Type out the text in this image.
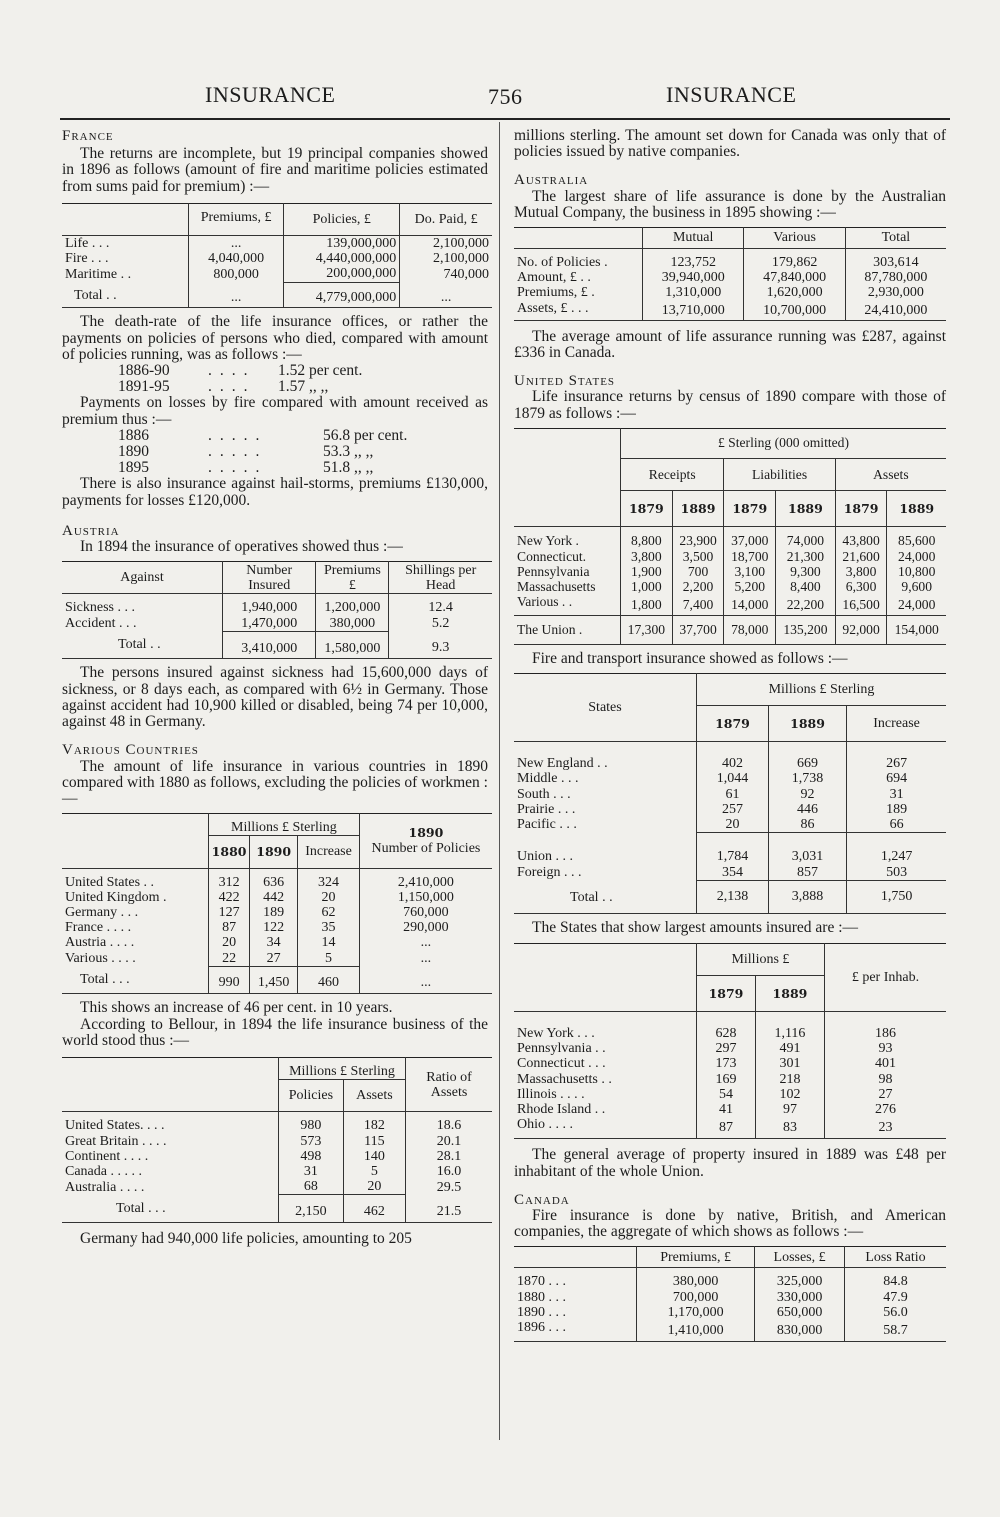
INSURANCE	756	INSURANCE

France

The returns are incomplete, but 19 principal companies showed in 1896 as follows (amount of fire and maritime policies estimated from sums paid for premium) :—

	Premiums, £	Policies, £	Do. Paid, £
Life . . .	...	139,000,000	2,100,000
Fire . . .	4,040,000	4,440,000,000	2,100,000
Maritime . .	800,000	200,000,000	740,000
Total . .	...	4,779,000,000	...

The death-rate of the life insurance offices, or rather the payments on policies of persons who died, compared with amount of policies running, was as follows :—

1886-90	....	1.52 per cent.
1891-95	....	1.57 ,, ,,

Payments on losses by fire compared with amount received as premium thus :—

1886	.....	56.8 per cent.
1890	.....	53.3 ,, ,,
1895	.....	51.8 ,, ,,

There is also insurance against hail-storms, premiums £130,000, payments for losses £120,000.

Austria

In 1894 the insurance of operatives showed thus :—

Against	Number Insured	Premiums £	Shillings per Head
Sickness . . .	1,940,000	1,200,000	12.4
Accident . . .	1,470,000	380,000	5.2
Total . .	3,410,000	1,580,000	9.3

The persons insured against sickness had 15,600,000 days of sickness, or 8 days each, as compared with 6½ in Germany. Those against accident had 10,900 killed or disabled, being 74 per 10,000, against 48 in Germany.

Various Countries

The amount of life insurance in various countries in 1890 compared with 1880 as follows, excluding the policies of workmen :—

	Millions £ Sterling			1890
Number of Policies

	1880	1890	Increase	
United States . .	312	636	324	2,410,000
United Kingdom .	422	442	20	1,150,000
Germany . . .	127	189	62	760,000
France . . . .	87	122	35	290,000
Austria . . . .	20	34	14	...
Various . . . .	22	27	5	...
Total . . .	990	1,450	460	...

This shows an increase of 46 per cent. in 10 years.

According to Bellour, in 1894 the life insurance business of the world stood thus :—

	Millions £ Sterling		Ratio of Assets
	Policies	Assets	
United States. . . .	980	182	18.6
Great Britain . . . .	573	115	20.1
Continent . . . .	498	140	28.1
Canada . . . . .	31	5	16.0
Australia . . . .	68	20	29.5
Total . . .	2,150	462	21.5

Germany had 940,000 life policies, amounting to 205

millions sterling. The amount set down for Canada was only that of policies issued by native companies.

Australia

The largest share of life assurance is done by the Australian Mutual Company, the business in 1895 showing :—

	Mutual	Various	Total
No. of Policies .	123,752	179,862	303,614
Amount, £ . .	39,940,000	47,840,000	87,780,000
Premiums, £ .	1,310,000	1,620,000	2,930,000
Assets, £ . . .	13,710,000	10,700,000	24,410,000

The average amount of life assurance running was £287, against £336 in Canada.

United States

Life insurance returns by census of 1890 compare with those of 1879 as follows :—

	£ Sterling (000 omitted)					
	Receipts		Liabilities		Assets	
	1879	1889	1879	1889	1879	1889
New York .	8,800	23,900	37,000	74,000	43,800	85,600
Connecticut.	3,800	3,500	18,700	21,300	21,600	24,000
Pennsylvania	1,900	700	3,100	9,300	3,800	10,800
Massachusetts	1,000	2,200	5,200	8,400	6,300	9,600
Various . .	1,800	7,400	14,000	22,200	16,500	24,000
The Union .	17,300	37,700	78,000	135,200	92,000	154,000

Fire and transport insurance showed as follows :—

States	Millions £ Sterling		
	1879	1889	Increase
New England . .	402	669	267
Middle . . .	1,044	1,738	694
South . . .	61	92	31
Prairie . . .	257	446	189
Pacific . . .	20	86	66
Union . . .	1,784	3,031	1,247
Foreign . . .	354	857	503
Total . .	2,138	3,888	1,750

The States that show largest amounts insured are :—

	Millions £		£ per Inhab.
	1879	1889	
New York . . .	628	1,116	186
Pennsylvania . .	297	491	93
Connecticut . . .	173	301	401
Massachusetts . .	169	218	98
Illinois . . . .	54	102	27
Rhode Island . .	41	97	276
Ohio . . . .	87	83	23

The general average of property insured in 1889 was £48 per inhabitant of the whole Union.

Canada

Fire insurance is done by native, British, and American companies, the aggregate of which shows as follows :—

	Premiums, £	Losses, £	Loss Ratio
1870 . . .	380,000	325,000	84.8
1880 . . .	700,000	330,000	47.9
1890 . . .	1,170,000	650,000	56.0
1896 . . .	1,410,000	830,000	58.7
